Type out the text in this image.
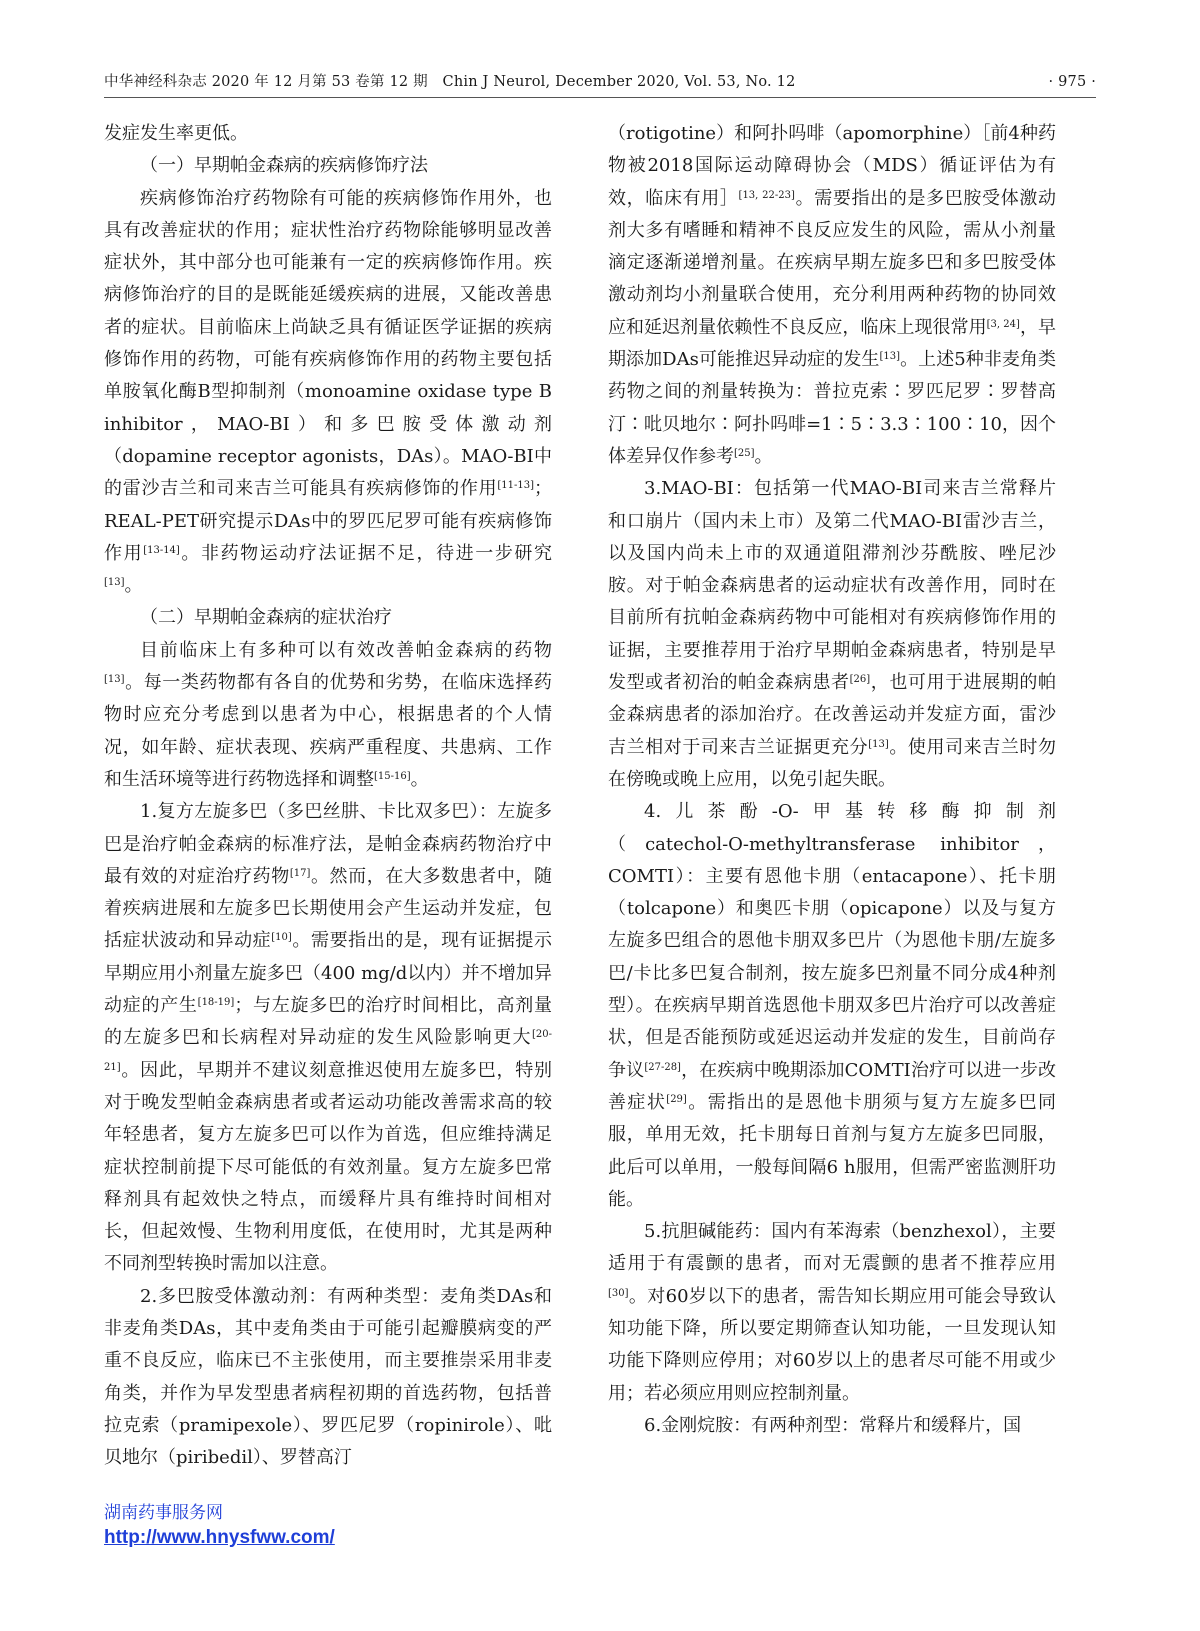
中华神经科杂志 2020 年 12 月第 53 卷第 12 期　Chin J Neurol, December 2020, Vol. 53, No. 12	· 975 ·

发症发生率更低。

（一）早期帕金森病的疾病修饰疗法

疾病修饰治疗药物除有可能的疾病修饰作用外，也具有改善症状的作用；症状性治疗药物除能够明显改善症状外，其中部分也可能兼有一定的疾病修饰作用。疾病修饰治疗的目的是既能延缓疾病的进展，又能改善患者的症状。目前临床上尚缺乏具有循证医学证据的疾病修饰作用的药物，可能有疾病修饰作用的药物主要包括单胺氧化酶B型抑制剂（monoamine oxidase type B inhibitor，MAO‑BI）和多巴胺受体激动剂（dopamine receptor agonists，DAs）。MAO‑BI中的雷沙吉兰和司来吉兰可能具有疾病修饰的作用[11-13]；REAL‑PET研究提示DAs中的罗匹尼罗可能有疾病修饰作用[13-14]。非药物运动疗法证据不足，待进一步研究[13]。

（二）早期帕金森病的症状治疗

目前临床上有多种可以有效改善帕金森病的药物[13]。每一类药物都有各自的优势和劣势，在临床选择药物时应充分考虑到以患者为中心，根据患者的个人情况，如年龄、症状表现、疾病严重程度、共患病、工作和生活环境等进行药物选择和调整[15-16]。

1.复方左旋多巴（多巴丝肼、卡比双多巴）：左旋多巴是治疗帕金森病的标准疗法，是帕金森病药物治疗中最有效的对症治疗药物[17]。然而，在大多数患者中，随着疾病进展和左旋多巴长期使用会产生运动并发症，包括症状波动和异动症[10]。需要指出的是，现有证据提示早期应用小剂量左旋多巴（400 mg/d以内）并不增加异动症的产生[18-19]；与左旋多巴的治疗时间相比，高剂量的左旋多巴和长病程对异动症的发生风险影响更大[20-21]。因此，早期并不建议刻意推迟使用左旋多巴，特别对于晚发型帕金森病患者或者运动功能改善需求高的较年轻患者，复方左旋多巴可以作为首选，但应维持满足症状控制前提下尽可能低的有效剂量。复方左旋多巴常释剂具有起效快之特点，而缓释片具有维持时间相对长，但起效慢、生物利用度低，在使用时，尤其是两种不同剂型转换时需加以注意。

2.多巴胺受体激动剂：有两种类型：麦角类DAs和非麦角类DAs，其中麦角类由于可能引起瓣膜病变的严重不良反应，临床已不主张使用，而主要推崇采用非麦角类，并作为早发型患者病程初期的首选药物，包括普拉克索（pramipexole）、罗匹尼罗（ropinirole）、吡贝地尔（piribedil）、罗替高汀

（rotigotine）和阿扑吗啡（apomorphine）［前4种药物被2018国际运动障碍协会（MDS）循证评估为有效，临床有用］[13, 22-23]。需要指出的是多巴胺受体激动剂大多有嗜睡和精神不良反应发生的风险，需从小剂量滴定逐渐递增剂量。在疾病早期左旋多巴和多巴胺受体激动剂均小剂量联合使用，充分利用两种药物的协同效应和延迟剂量依赖性不良反应，临床上现很常用[3, 24]，早期添加DAs可能推迟异动症的发生[13]。上述5种非麦角类药物之间的剂量转换为：普拉克索∶罗匹尼罗∶罗替高汀∶吡贝地尔∶阿扑吗啡=1∶5∶3.3∶100∶10，因个体差异仅作参考[25]。

3.MAO‑BI：包括第一代MAO‑BI司来吉兰常释片和口崩片（国内未上市）及第二代MAO‑BI雷沙吉兰，以及国内尚未上市的双通道阻滞剂沙芬酰胺、唑尼沙胺。对于帕金森病患者的运动症状有改善作用，同时在目前所有抗帕金森病药物中可能相对有疾病修饰作用的证据，主要推荐用于治疗早期帕金森病患者，特别是早发型或者初治的帕金森病患者[26]，也可用于进展期的帕金森病患者的添加治疗。在改善运动并发症方面，雷沙吉兰相对于司来吉兰证据更充分[13]。使用司来吉兰时勿在傍晚或晚上应用，以免引起失眠。

4.儿茶酚‑O‑甲基转移酶抑制剂（catechol‑O‑methyltransferase inhibitor，COMTI）：主要有恩他卡朋（entacapone）、托卡朋（tolcapone）和奥匹卡朋（opicapone）以及与复方左旋多巴组合的恩他卡朋双多巴片（为恩他卡朋/左旋多巴/卡比多巴复合制剂，按左旋多巴剂量不同分成4种剂型）。在疾病早期首选恩他卡朋双多巴片治疗可以改善症状，但是否能预防或延迟运动并发症的发生，目前尚存争议[27-28]，在疾病中晚期添加COMTI治疗可以进一步改善症状[29]。需指出的是恩他卡朋须与复方左旋多巴同服，单用无效，托卡朋每日首剂与复方左旋多巴同服，此后可以单用，一般每间隔6 h服用，但需严密监测肝功能。

5.抗胆碱能药：国内有苯海索（benzhexol），主要适用于有震颤的患者，而对无震颤的患者不推荐应用[30]。对60岁以下的患者，需告知长期应用可能会导致认知功能下降，所以要定期筛查认知功能，一旦发现认知功能下降则应停用；对60岁以上的患者尽可能不用或少用；若必须应用则应控制剂量。

6.金刚烷胺：有两种剂型：常释片和缓释片，国

湖南药事服务网
http://www.hnysfww.com/
